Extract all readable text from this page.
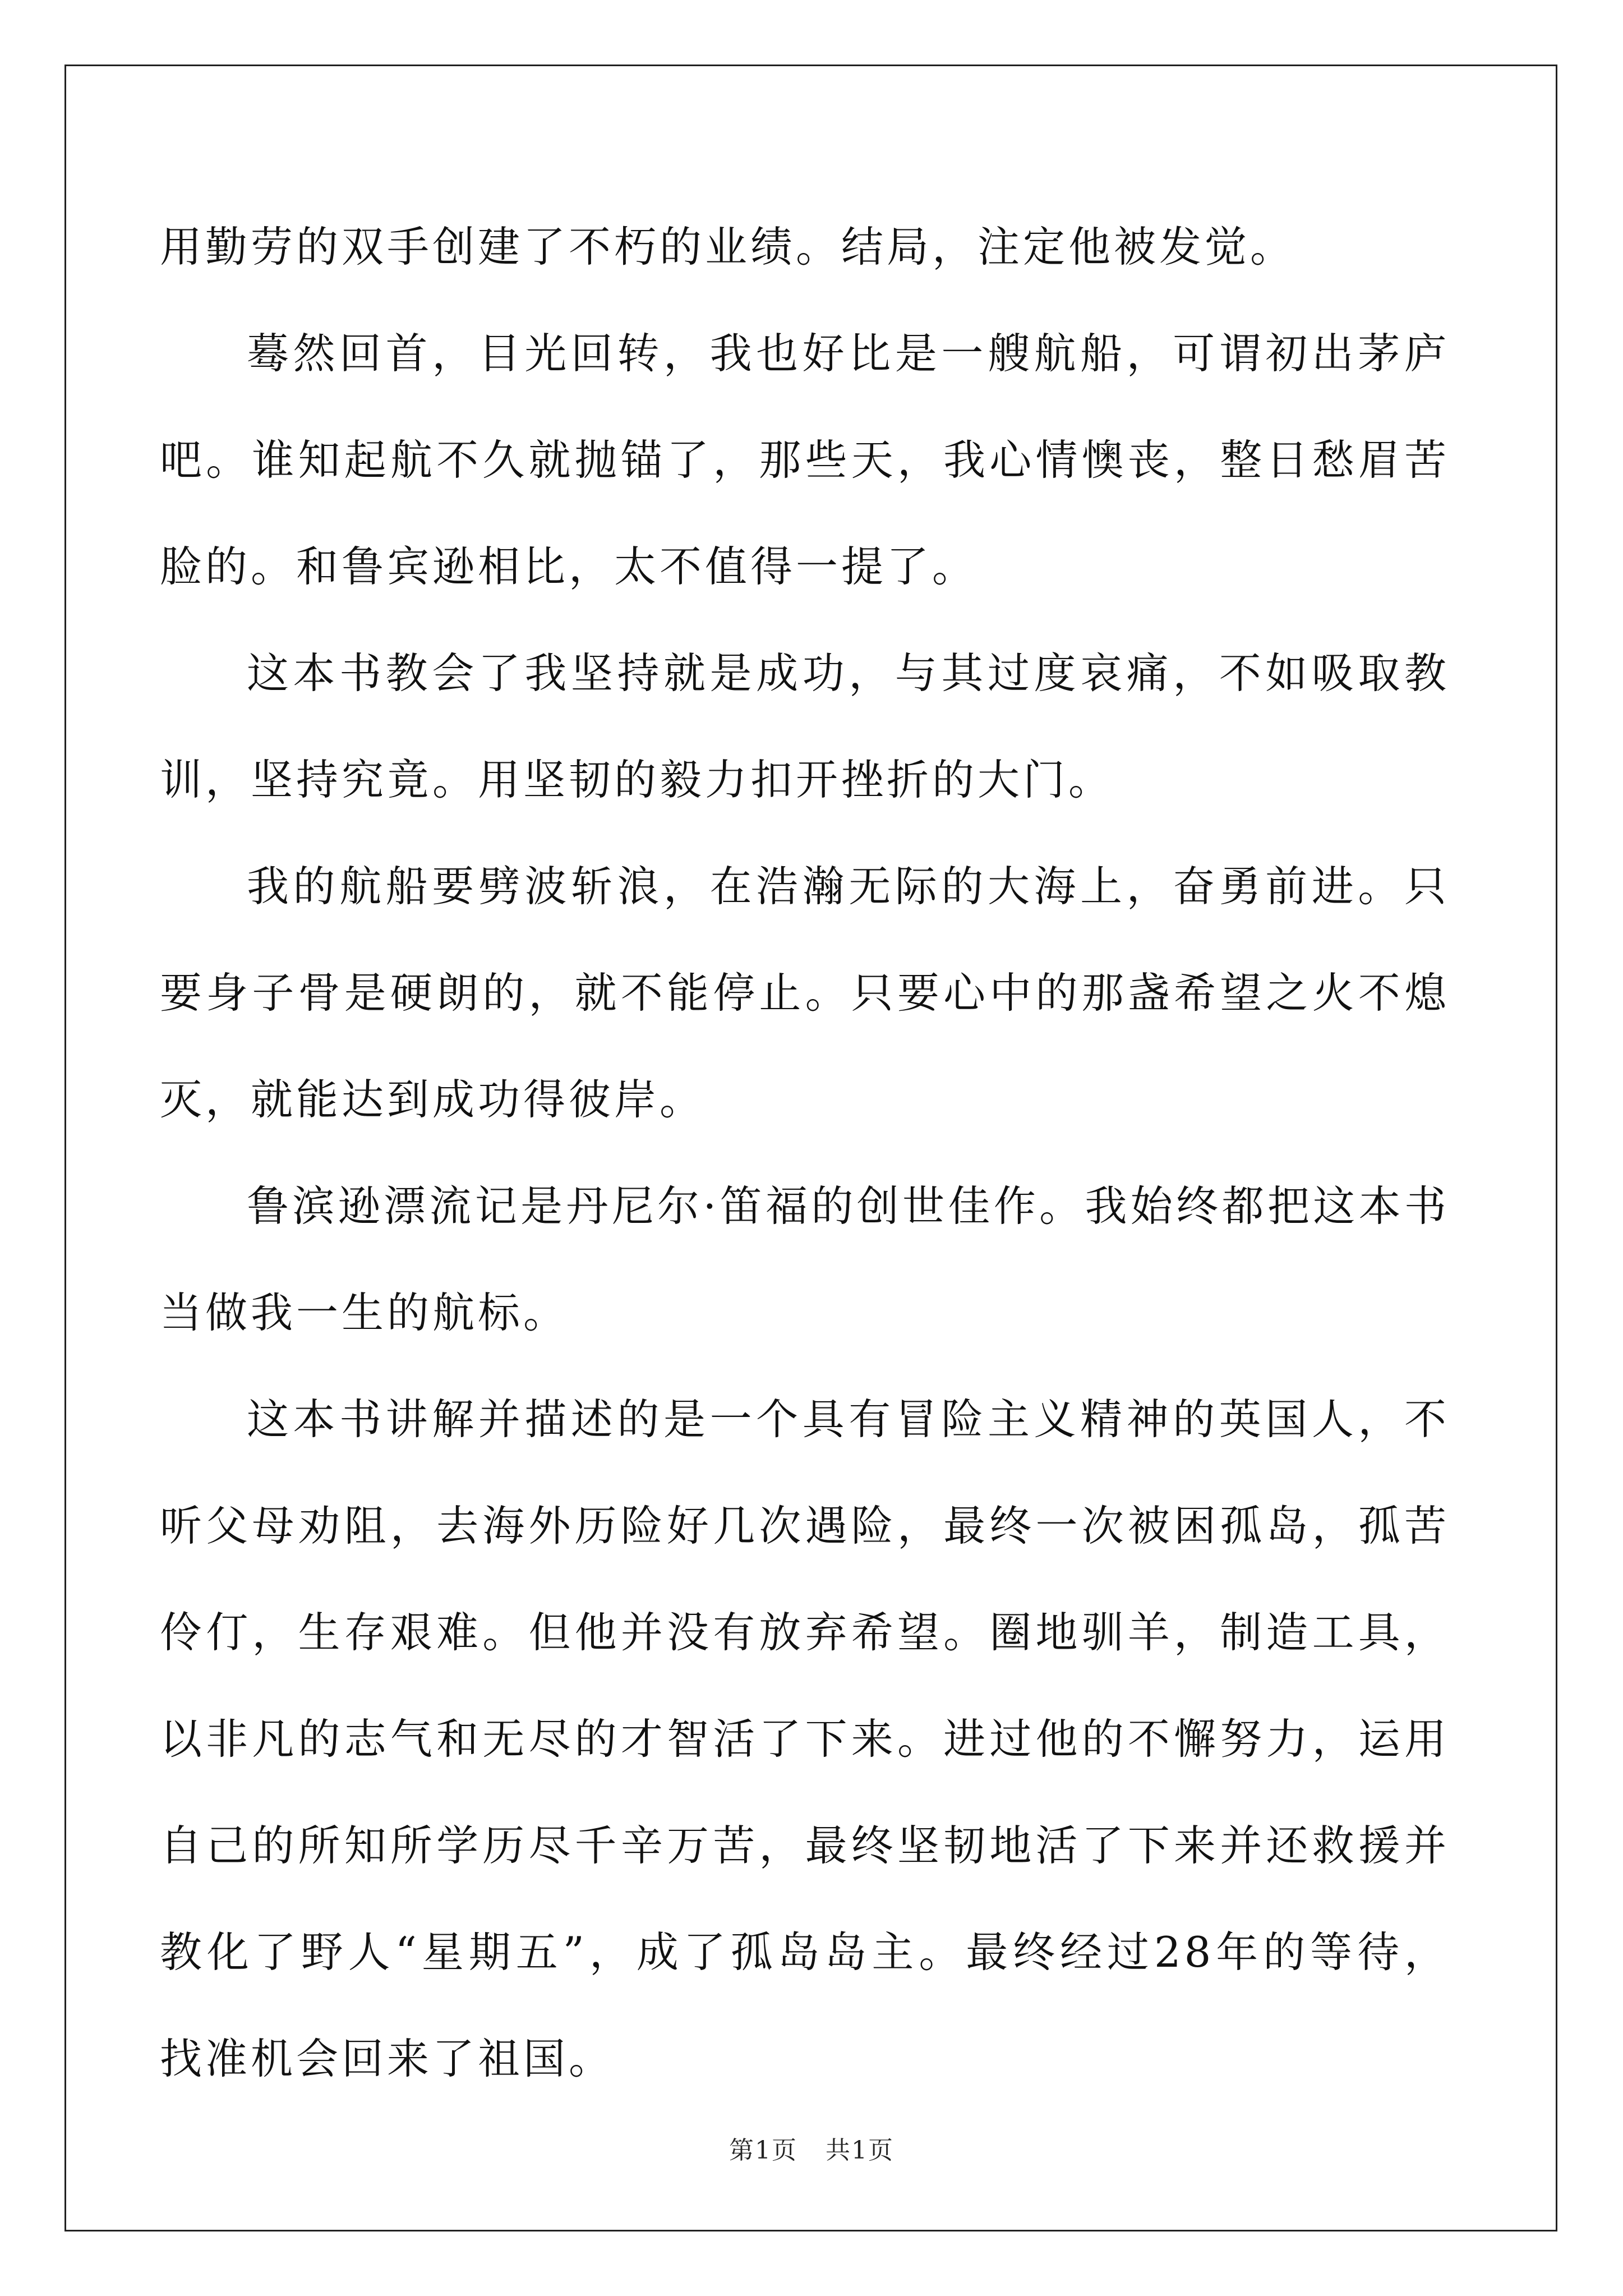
用勤劳的双手创建了不朽的业绩。结局，注定他被发觉。

蓦然回首，目光回转，我也好比是一艘航船，可谓初出茅庐吧。谁知起航不久就抛锚了，那些天，我心情懊丧，整日愁眉苦脸的。和鲁宾逊相比，太不值得一提了。

这本书教会了我坚持就是成功，与其过度哀痛，不如吸取教训，坚持究竟。用坚韧的毅力扣开挫折的大门。

我的航船要劈波斩浪，在浩瀚无际的大海上，奋勇前进。只要身子骨是硬朗的，就不能停止。只要心中的那盏希望之火不熄灭，就能达到成功得彼岸。

鲁滨逊漂流记是丹尼尔·笛福的创世佳作。我始终都把这本书当做我一生的航标。

这本书讲解并描述的是一个具有冒险主义精神的英国人，不听父母劝阻，去海外历险好几次遇险，最终一次被困孤岛，孤苦伶仃，生存艰难。但他并没有放弃希望。圈地驯羊，制造工具，以非凡的志气和无尽的才智活了下来。进过他的不懈努力，运用自己的所知所学历尽千辛万苦，最终坚韧地活了下来并还救援并教化了野人“星期五”，成了孤岛岛主。最终经过28年的等待，找准机会回来了祖国。

第1页 共1页
